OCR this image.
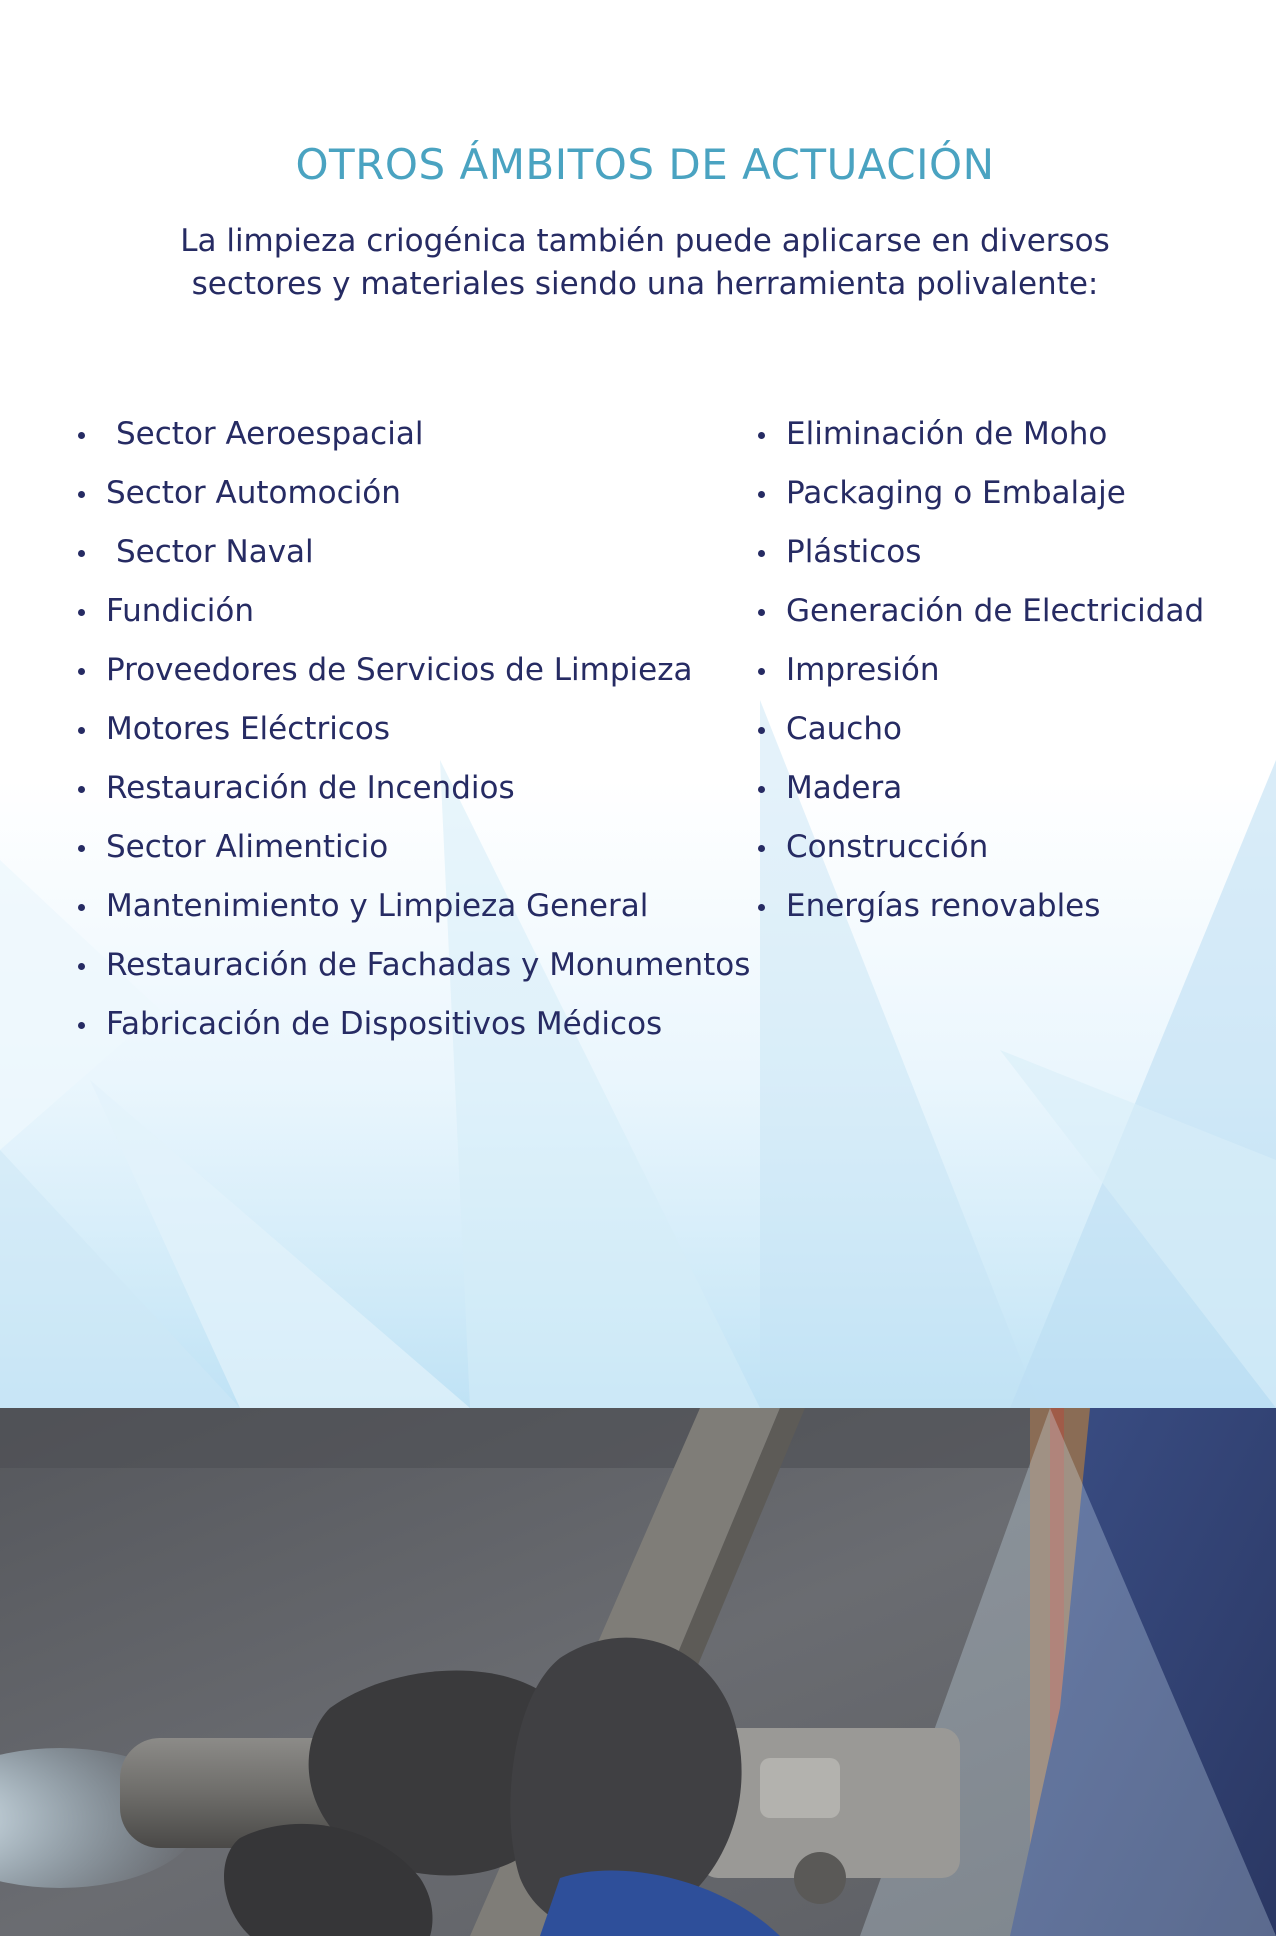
OTROS ÁMBITOS DE ACTUACIÓN

La limpieza criogénica también puede aplicarse en diversos
sectores y materiales siendo una herramienta polivalente:

Sector Aeroespacial
Sector Automoción
Sector Naval
Fundición
Proveedores de Servicios de Limpieza
Motores Eléctricos
Restauración de Incendios
Sector Alimenticio
Mantenimiento y Limpieza General
Restauración de Fachadas y Monumentos
Fabricación de Dispositivos Médicos
Eliminación de Moho
Packaging o Embalaje
Plásticos
Generación de Electricidad
Impresión
Caucho
Madera
Construcción
Energías renovables
